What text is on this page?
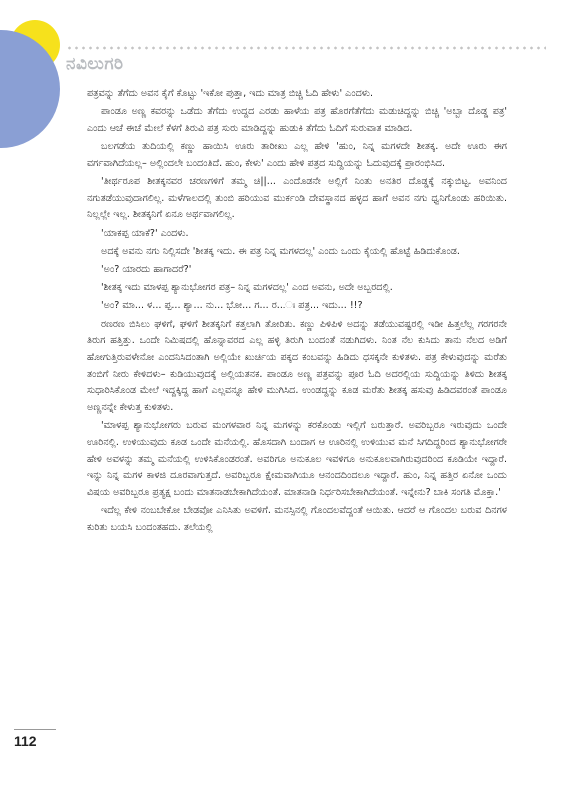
ನವಿಲುಗರಿ

ಪತ್ರವನ್ನು ತೆಗೆದು ಅವನ ಕೈಗೆ ಕೊಟ್ಟು 'ಇಕೋ ಪುತ್ತಾ, ಇದು ಮಾತ್ರ ಬಿಚ್ಚಿ ಓದಿ ಹೇಳು' ಎಂದಳು.

ಪಾಂಡೂ ಅಣ್ಣ ಕವರನ್ನು ಒಡೆದು ತೆಗೆದು ಉದ್ದದ ಎರಡು ಹಾಳೆಯ ಪತ್ರ ಹೊರಗೆತೆಗೆದು ಮಡುಚಿದ್ದನ್ನು ಬಿಚ್ಚಿ 'ಅಬ್ಬಾ ದೊಡ್ಡ ಪತ್ರ' ಎಂದು ಆಚೆ ಈಚೆ ಮೇಲೆ ಕೆಳಗೆ ತಿರುವಿ ಪತ್ರ ಸುರು ಮಾಡಿದ್ದನ್ನು ಹುಡುಕಿ ತೆಗೆದು ಓದಿಗೆ ಸುರುವಾತ ಮಾಡಿದ.

ಬಲಗಡೆಯ ತುದಿಯಲ್ಲಿ ಕಣ್ಣು ಹಾಯಿಸಿ ಊರು ತಾರೀಖು ಎಲ್ಲ ಹೇಳಿ 'ಹುಂ, ನಿನ್ನ ಮಗಳದೇ ಶೀತಕ್ಕ. ಅದೇ ಊರು ಈಗ ವರ್ಗವಾಗಿದೆಯಲ್ಲ– ಅಲ್ಲಿಂದಲೇ ಬಂದಂತಿದೆ. ಹುಂ, ಕೇಳು' ಎಂದು ಹೇಳಿ ಪತ್ರದ ಸುದ್ದಿಯನ್ನು ಓದುವುದಕ್ಕೆ ಪ್ರಾರಂಭಿಸಿದ.

'ತೀರ್ಥರೂಪ ಶೀತಕ್ಕನವರ ಚರಣಗಳಿಗೆ ತಮ್ಮ ಚಿ||... ಎಂದೊಡನೇ ಅಲ್ಲಿಗೆ ನಿಂತು ಅನತಿರ ದೊಡ್ಡಕ್ಕೆ ನಕ್ಕುಬಿಟ್ಟ. ಅವನಿಂದ ನಗುತಡೆಯುವುದಾಗಲಿಲ್ಲ. ಮಳೆಗಾಲದಲ್ಲಿ ತುಂಬಿ ಹರಿಯುವ ಮುರ್ಕಂಡಿ ದೇವಸ್ಥಾನದ ಹಳ್ಳದ ಹಾಗೆ ಅವನ ನಗು ಧ್ವನಿಗೊಂಡು ಹರಿಯಿತು. ನಿಲ್ಲಲ್ಲೇ ಇಲ್ಲ. ಶೀತಕ್ಕನಿಗೆ ಏನೂ ಅರ್ಥವಾಗಲಿಲ್ಲ.

'ಯಾಕಪ್ಪ ಯಾಕೆ?' ಎಂದಳು.

ಅದಕ್ಕೆ ಅವನು ನಗು ನಿಲ್ಲಿಸದೇ 'ಶೀತಕ್ಕ ಇದು. ಈ ಪತ್ರ ನಿನ್ನ ಮಗಳದಲ್ಲ' ಎಂದು ಒಂದು ಕೈಯಲ್ಲಿ ಹೊಟ್ಟೆ ಹಿಡಿದುಕೊಂಡ.

'ಅಂ? ಯಾರದು ಹಾಗಾದರೆ?'

'ಶೀತಕ್ಕ ಇದು ಮಾಳಪ್ಪ ಶ್ಯಾನುಭೋಗರ ಪತ್ರ– ನಿನ್ನ ಮಗಳದಲ್ಲ' ಎಂದ ಅವನು, ಅದೇ ಅಬ್ಬರದಲ್ಲಿ.

'ಅಂ? ಮಾ... ಳ... ಪ್ಪ... ಶ್ಯಾ... ನು... ಭೋ... ಗ... ರ...ಃ ಪತ್ರ... ಇದು... !!?

ರಣರಣ ಬಿಸಿಲು ಘಳಿಗೆ, ಘಳಿಗೆ ಶೀತಕ್ಕನಿಗೆ ಕತ್ತಲಾಗಿ ತೋರಿತು. ಕಣ್ಣು ಪಿಳಿಪಿಳಿ ಅದನ್ನು ತಡೆಯುವಷ್ಟರಲ್ಲಿ ಇಡೀ ಹಿತ್ತಲೆಲ್ಲ ಗರಗರನೇ ತಿರುಗ ಹತ್ತಿತ್ತು. ಒಂದೇ ನಿಮಿಷದಲ್ಲಿ ಹೊನ್ನಾವರದ ಎಲ್ಲ ಹಳ್ಳಿ ತಿರುಗಿ ಬಂದಂತೆ ನಡುಗಿದಳು. ನಿಂತ ನೆಲ ಕುಸಿದು ತಾನು ನೆಲದ ಅಡಿಗೆ ಹೋಗುತ್ತಿರುವಳೇನೋ ಎಂದನಿಸಿದಂತಾಗಿ ಅಲ್ಲಿಯೇ ಖುರ್ಚಿಯ ಪಕ್ಕದ ಕಂಬವನ್ನು ಹಿಡಿದು ಧಸಕ್ಕನೇ ಕುಳಿತಳು. ಪತ್ರ ಕೇಳುವುದನ್ನು ಮರೆತು ತಂಬಿಗೆ ನೀರು ಕೇಳಿದಳು– ಕುಡಿಯುವುದಕ್ಕೆ ಅಲ್ಲಿಯತನಕ. ಪಾಂಡೂ ಅಣ್ಣ ಪತ್ರವನ್ನು ಪೂರ ಓದಿ ಅದರಲ್ಲಿಯ ಸುದ್ದಿಯನ್ನು ತಿಳಿದು ಶೀತಕ್ಕ ಸುಧಾರಿಸಿಕೊಂಡ ಮೇಲೆ ಇದ್ದಕ್ಕಿದ್ದ ಹಾಗೆ ಎಲ್ಲವನ್ನೂ ಹೇಳಿ ಮುಗಿಸಿದ. ಉಂಡದ್ದನ್ನು ಕೂಡ ಮರೆತು ಶೀತಕ್ಕ ಹಸುವು ಹಿಡಿದವರಂತೆ ಪಾಂಡೂ ಅಣ್ಣನನ್ನೇ ಕೇಳುತ್ತ ಕುಳಿತಳು.

'ಮಾಳಪ್ಪ ಶ್ಯಾನುಭೋಗರು ಬರುವ ಮಂಗಳವಾರ ನಿನ್ನ ಮಗಳನ್ನು ಕರಕೊಂಡು ಇಲ್ಲಿಗೆ ಬರುತ್ತಾರೆ. ಅವರಿಬ್ಬರೂ ಇರುವುದು ಒಂದೇ ಊರಿನಲ್ಲಿ. ಉಳಿಯುವುದು ಕೂಡ ಒಂದೇ ಮನೆಯಲ್ಲಿ. ಹೊಸದಾಗಿ ಬಂದಾಗ ಆ ಊರಿನಲ್ಲಿ ಉಳಿಯುವ ಮನೆ ಸಿಗದಿದ್ದರಿಂದ ಶ್ಯಾನುಭೋಗರೇ ಹೇಳಿ ಅವಳನ್ನು ತಮ್ಮ ಮನೆಯಲ್ಲಿ ಉಳಿಸಿಕೊಂಡರಂತೆ. ಅವರಿಗೂ ಅನುಕೂಲ ಇವಳಿಗೂ ಅನುಕೂಲವಾಗಿರುವುದರಿಂದ ಕೂಡಿಯೇ ಇದ್ದಾರೆ. ಇನ್ನು ನಿನ್ನ ಮಗಳ ಕಾಳಜಿ ದೂರವಾಗುತ್ತದೆ. ಅವರಿಬ್ಬರೂ ಕ್ಷೇಮವಾಗಿಯೂ ಆನಂದದಿಂದಲೂ ಇದ್ದಾರೆ. ಹುಂ, ನಿನ್ನ ಹತ್ತಿರ ಏನೋ ಒಂದು ವಿಷಯ ಅವರಿಬ್ಬರೂ ಪ್ರತ್ಯಕ್ಷ ಬಂದು ಮಾತನಾಡಬೇಕಾಗಿದೆಯಂತೆ. ಮಾತನಾಡಿ ನಿರ್ಧರಿಸಬೇಕಾಗಿದೆಯಂತೆ. ಇನ್ನೇನು? ಬಾಕಿ ಸಂಗತಿ ಮೊಕ್ತಾ.'

ಇದೆಲ್ಲ ಕೇಳಿ ನಂಬಬೇಕೋ ಬೇಡವೋ ಎನಿಸಿತು ಅವಳಿಗೆ. ಮನಸ್ಸಿನಲ್ಲಿ ಗೊಂದಲವೆದ್ದಂತೆ ಆಯಿತು. ಆದರೆ ಆ ಗೊಂದಲ ಬರುವ ದಿನಗಳ ಕುರಿತು ಬಯಸಿ ಬಂದಂತಹದು. ತಲೆಯಲ್ಲಿ

112
